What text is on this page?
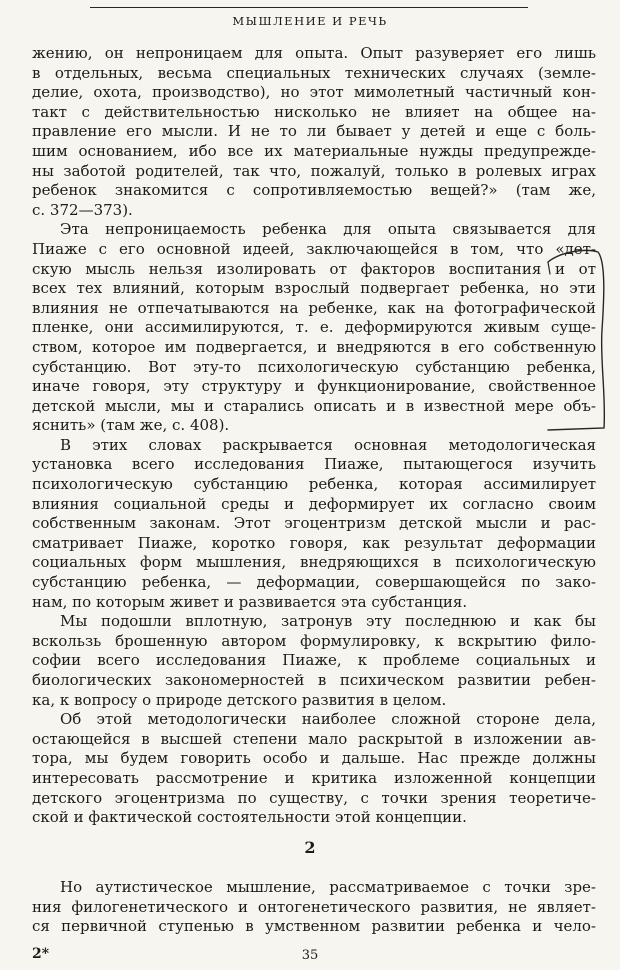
МЫШЛЕНИЕ И РЕЧЬ
жению, он непроницаем для опыта. Опыт разуверяет его лишь
в отдельных, весьма специальных технических случаях (земле-
делие, охота, производство), но этот мимолетный частичный кон-
такт с действительностью нисколько не влияет на общее на-
правление его мысли. И не то ли бывает у детей и еще с боль-
шим основанием, ибо все их материальные нужды предупрежде-
ны заботой родителей, так что, пожалуй, только в ролевых играх
ребенок знакомится с сопротивляемостью вещей?» (там же,
с. 372—373).
Эта непроницаемость ребенка для опыта связывается для
Пиаже с его основной идеей, заключающейся в том, что «дет-
скую мысль нельзя изолировать от факторов воспитания и от
всех тех влияний, которым взрослый подвергает ребенка, но эти
влияния не отпечатываются на ребенке, как на фотографической
пленке, они ассимилируются, т. е. деформируются живым суще-
ством, которое им подвергается, и внедряются в его собственную
субстанцию. Вот эту-то психологическую субстанцию ребенка,
иначе говоря, эту структуру и функционирование, свойственное
детской мысли, мы и старались описать и в известной мере объ-
яснить» (там же, с. 408).
В этих словах раскрывается основная методологическая
установка всего исследования Пиаже, пытающегося изучить
психологическую субстанцию ребенка, которая ассимилирует
влияния социальной среды и деформирует их согласно своим
собственным законам. Этот эгоцентризм детской мысли и рас-
сматривает Пиаже, коротко говоря, как результат деформации
социальных форм мышления, внедряющихся в психологическую
субстанцию ребенка, — деформации, совершающейся по зако-
нам, по которым живет и развивается эта субстанция.
Мы подошли вплотную, затронув эту последнюю и как бы
вскользь брошенную автором формулировку, к вскрытию фило-
софии всего исследования Пиаже, к проблеме социальных и
биологических закономерностей в психическом развитии ребен-
ка, к вопросу о природе детского развития в целом.
Об этой методологически наиболее сложной стороне дела,
остающейся в высшей степени мало раскрытой в изложении ав-
тора, мы будем говорить особо и дальше. Нас прежде должны
интересовать рассмотрение и критика изложенной концепции
детского эгоцентризма по существу, с точки зрения теоретиче-
ской и фактической состоятельности этой концепции.
2
Но аутистическое мышление, рассматриваемое с точки зре-
ния филогенетического и онтогенетического развития, не являет-
ся первичной ступенью в умственном развитии ребенка и чело-
2*	35
